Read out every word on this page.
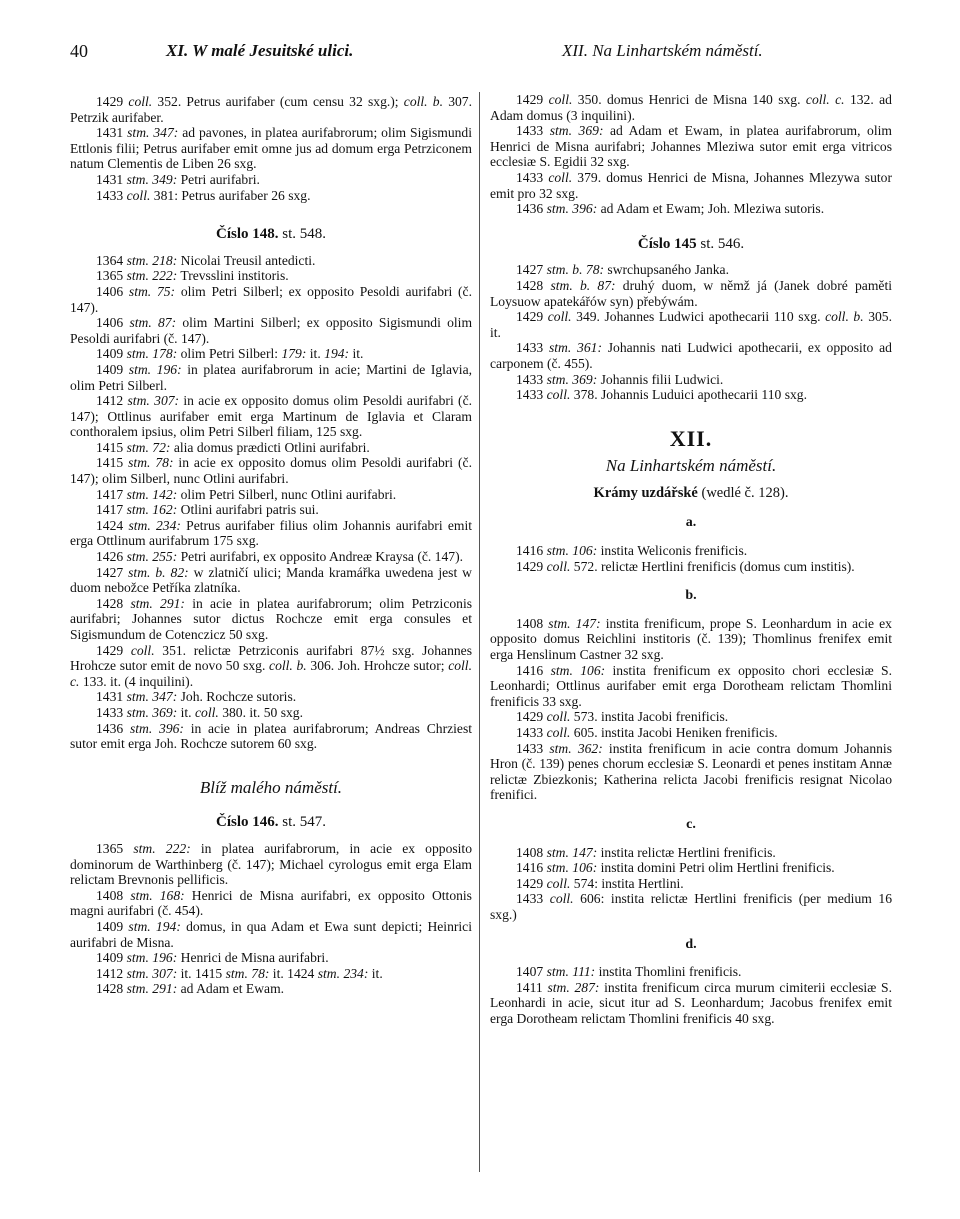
40	XI. W malé Jesuitské ulici.	XII. Na Linhartském náměstí.

1429 coll. 352. Petrus aurifaber (cum censu 32 sxg.); coll. b. 307. Petrzik aurifaber.

1431 stm. 347: ad pavones, in platea aurifabrorum; olim Sigismundi Ettlonis filii; Petrus aurifaber emit omne jus ad domum erga Petrziconem natum Clementis de Liben 26 sxg.

1431 stm. 349: Petri aurifabri.

1433 coll. 381: Petrus aurifaber 26 sxg.

Číslo 148. st. 548.

1364 stm. 218: Nicolai Treusil antedicti.

1365 stm. 222: Trevsslini institoris.

1406 stm. 75: olim Petri Silberl; ex opposito Pesoldi aurifabri (č. 147).

1406 stm. 87: olim Martini Silberl; ex opposito Sigismundi olim Pesoldi aurifabri (č. 147).

1409 stm. 178: olim Petri Silberl: 179: it. 194: it.

1409 stm. 196: in platea aurifabrorum in acie; Martini de Iglavia, olim Petri Silberl.

1412 stm. 307: in acie ex opposito domus olim Pesoldi aurifabri (č. 147); Ottlinus aurifaber emit erga Martinum de Iglavia et Claram conthoralem ipsius, olim Petri Silberl filiam, 125 sxg.

1415 stm. 72: alia domus prædicti Otlini aurifabri.

1415 stm. 78: in acie ex opposito domus olim Pesoldi aurifabri (č. 147); olim Silberl, nunc Otlini aurifabri.

1417 stm. 142: olim Petri Silberl, nunc Otlini aurifabri.

1417 stm. 162: Otlini aurifabri patris sui.

1424 stm. 234: Petrus aurifaber filius olim Johannis aurifabri emit erga Ottlinum aurifabrum 175 sxg.

1426 stm. 255: Petri aurifabri, ex opposito Andreæ Kraysa (č. 147).

1427 stm. b. 82: w zlatničí ulici; Manda kramářka uwedena jest w duom nebožce Petříka zlatníka.

1428 stm. 291: in acie in platea aurifabrorum; olim Petrziconis aurifabri; Johannes sutor dictus Rochcze emit erga consules et Sigismundum de Cotenczicz 50 sxg.

1429 coll. 351. relictæ Petrziconis aurifabri 87½ sxg. Johannes Hrohcze sutor emit de novo 50 sxg. coll. b. 306. Joh. Hrohcze sutor; coll. c. 133. it. (4 inquilini).

1431 stm. 347: Joh. Rochcze sutoris.

1433 stm. 369: it. coll. 380. it. 50 sxg.

1436 stm. 396: in acie in platea aurifabrorum; Andreas Chrziest sutor emit erga Joh. Rochcze sutorem 60 sxg.

Blíž malého náměstí.
Číslo 146. st. 547.

1365 stm. 222: in platea aurifabrorum, in acie ex opposito dominorum de Warthinberg (č. 147); Michael cyrologus emit erga Elam relictam Brevnonis pellificis.

1408 stm. 168: Henrici de Misna aurifabri, ex opposito Ottonis magni aurifabri (č. 454).

1409 stm. 194: domus, in qua Adam et Ewa sunt depicti; Heinrici aurifabri de Misna.

1409 stm. 196: Henrici de Misna aurifabri.

1412 stm. 307: it. 1415 stm. 78: it. 1424 stm. 234: it.

1428 stm. 291: ad Adam et Ewam.

1429 coll. 350. domus Henrici de Misna 140 sxg. coll. c. 132. ad Adam domus (3 inquilini).

1433 stm. 369: ad Adam et Ewam, in platea aurifabrorum, olim Henrici de Misna aurifabri; Johannes Mleziwa sutor emit erga vitricos ecclesiæ S. Egidii 32 sxg.

1433 coll. 379. domus Henrici de Misna, Johannes Mlezywa sutor emit pro 32 sxg.

1436 stm. 396: ad Adam et Ewam; Joh. Mleziwa sutoris.

Číslo 145 st. 546.

1427 stm. b. 78: swrchupsaného Janka.

1428 stm. b. 87: druhý duom, w němž já (Janek dobré paměti Loysuow apatekářów syn) přebýwám.

1429 coll. 349. Johannes Ludwici apothecarii 110 sxg. coll. b. 305. it.

1433 stm. 361: Johannis nati Ludwici apothecarii, ex opposito ad carponem (č. 455).

1433 stm. 369: Johannis filii Ludwici.

1433 coll. 378. Johannis Luduici apothecarii 110 sxg.

XII.
Na Linhartském náměstí.
Krámy uzdářské (wedlé č. 128).
a.

1416 stm. 106: institа Weliconis frenificis.

1429 coll. 572. relictæ Hertlini frenificis (domus cum institis).

b.

1408 stm. 147: instita frenificum, prope S. Leonhardum in acie ex opposito domus Reichlini institoris (č. 139); Thomlinus frenifex emit erga Henslinum Castner 32 sxg.

1416 stm. 106: instita frenificum ex opposito chori ecclesiæ S. Leonhardi; Ottlinus aurifaber emit erga Dorotheam relictam Thomlini frenificis 33 sxg.

1429 coll. 573. instita Jacobi frenificis.

1433 coll. 605. instita Jacobi Heniken frenificis.

1433 stm. 362: instita frenificum in acie contra domum Johannis Hron (č. 139) penes chorum ecclesiæ S. Leonardi et penes institam Annæ relictæ Zbiezkonis; Katherina relicta Jacobi frenificis resignat Nicolao frenifici.

c.

1408 stm. 147: instita relictæ Hertlini frenificis.

1416 stm. 106: instita domini Petri olim Hertlini frenificis.

1429 coll. 574: instita Hertlini.

1433 coll. 606: instita relictæ Hertlini frenificis (per medium 16 sxg.)

d.

1407 stm. 111: instita Thomlini frenificis.

1411 stm. 287: instita frenificum circa murum cimiterii ecclesiæ S. Leonhardi in acie, sicut itur ad S. Leonhardum; Jacobus frenifex emit erga Dorotheam relictam Thomlini frenificis 40 sxg.
